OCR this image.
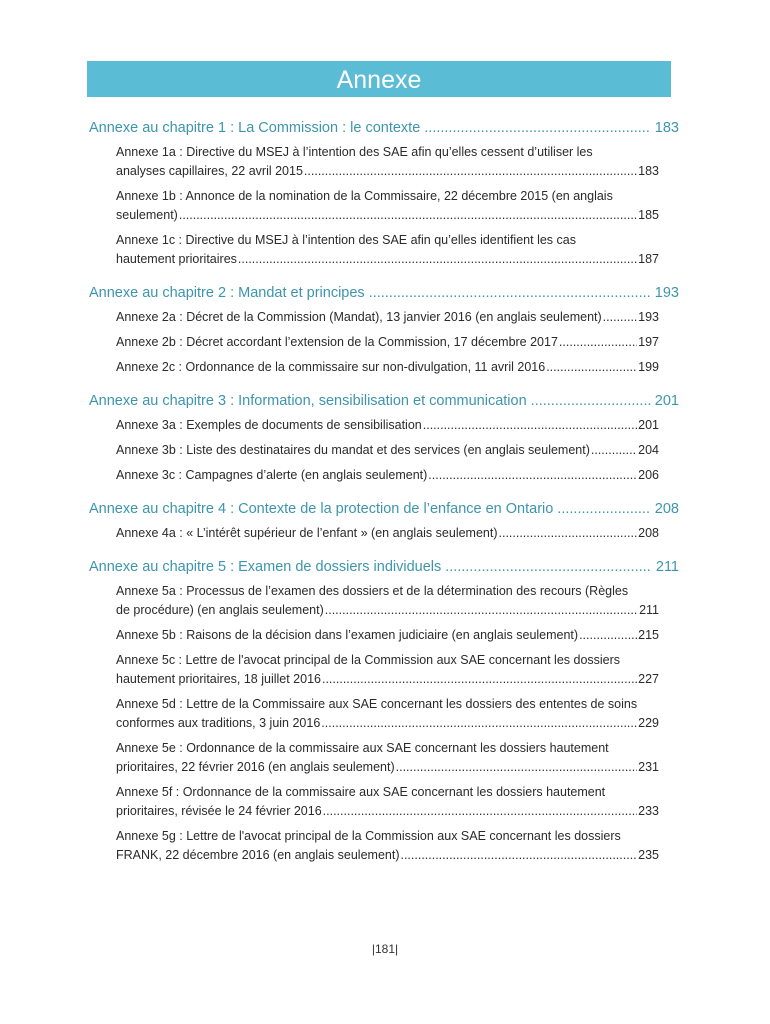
Annexe
Annexe au chapitre 1 : La Commission : le contexte .....	183
Annexe 1a : Directive du MSEJ à l’intention des SAE afin qu’elles cessent d’utiliser les
analyses capillaires, 22 avril 2015 .....	183
Annexe 1b : Annonce de la nomination de la Commissaire, 22 décembre 2015 (en anglais
seulement) .....	185
Annexe 1c : Directive du MSEJ à l’intention des SAE afin qu’elles identifient les cas
hautement prioritaires .....	187
Annexe au chapitre 2 : Mandat et principes .....	193
Annexe 2a : Décret de la Commission (Mandat), 13 janvier 2016 (en anglais seulement) .....	193
Annexe 2b : Décret accordant l’extension de la Commission, 17 décembre 2017 .....	197
Annexe 2c : Ordonnance de la commissaire sur non-divulgation, 11 avril 2016 .....	199
Annexe au chapitre 3 : Information, sensibilisation et communication .....	201
Annexe 3a : Exemples de documents de sensibilisation .....	201
Annexe 3b : Liste des destinataires du mandat et des services (en anglais seulement) .....	204
Annexe 3c : Campagnes d’alerte (en anglais seulement) .....	206
Annexe au chapitre 4 : Contexte de la protection de l’enfance en Ontario .....	208
Annexe 4a : « L’intérêt supérieur de l’enfant » (en anglais seulement) .....	208
Annexe au chapitre 5 : Examen de dossiers individuels .....	211
Annexe 5a : Processus de l’examen des dossiers et de la détermination des recours (Règles
de procédure) (en anglais seulement) .....	211
Annexe 5b : Raisons de la décision dans l’examen judiciaire (en anglais seulement) .....	215
Annexe 5c : Lettre de l'avocat principal de la Commission aux SAE concernant les dossiers
hautement prioritaires, 18 juillet 2016 .....	227
Annexe 5d : Lettre de la Commissaire aux SAE concernant les dossiers des ententes de soins
conformes aux traditions, 3 juin 2016 .....	229
Annexe 5e : Ordonnance de la commissaire aux SAE concernant les dossiers hautement
prioritaires, 22 février 2016 (en anglais seulement) .....	231
Annexe 5f : Ordonnance de la commissaire aux SAE concernant les dossiers hautement
prioritaires, révisée le 24 février 2016 .....	233
Annexe 5g : Lettre de l'avocat principal de la Commission aux SAE concernant les dossiers
FRANK, 22 décembre 2016 (en anglais seulement) .....	235
|181|
